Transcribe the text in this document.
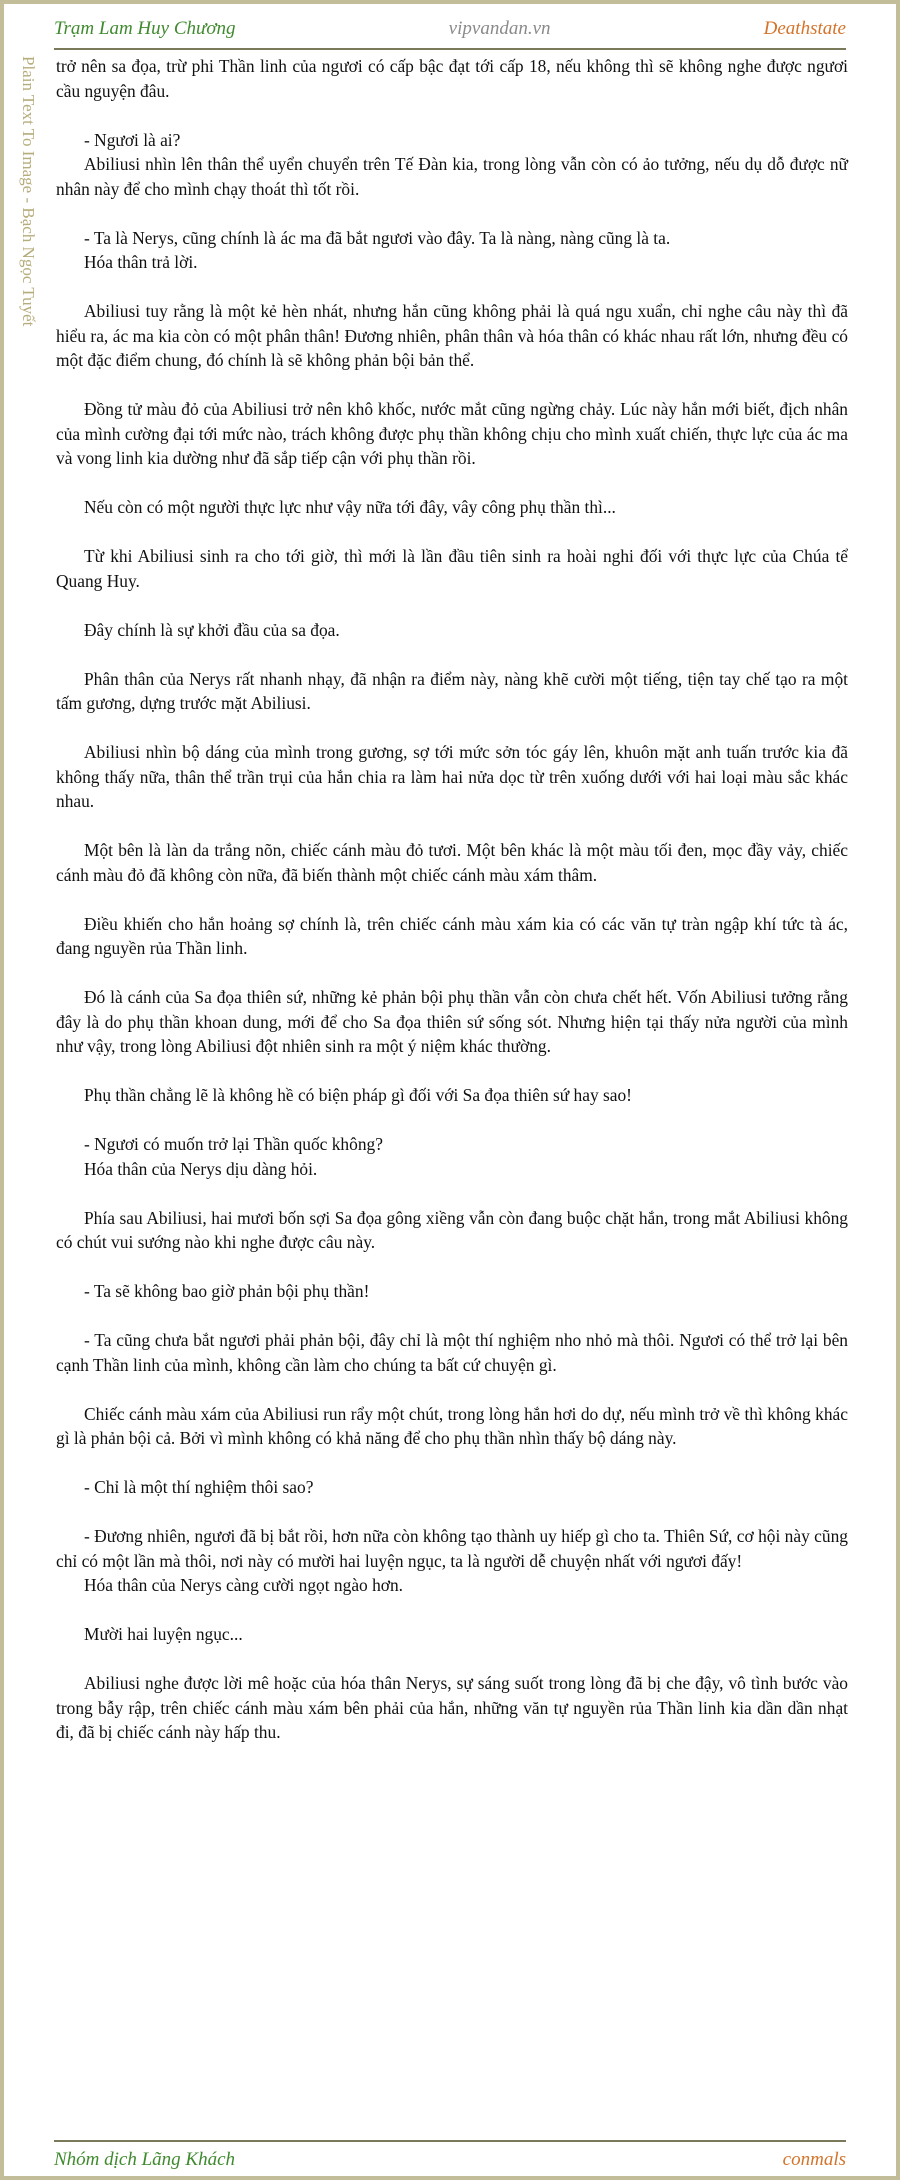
Trạm Lam Huy Chương	vipvandan.vn	Deathstate
Plain Text To Image - Bạch Ngọc Tuyết trở nên sa đọa, trừ phi Thần linh của ngươi có cấp bậc đạt tới cấp 18, nếu không thì sẽ không nghe được ngươi cầu nguyện đâu.

- Ngươi là ai?
Abiliusi nhìn lên thân thể uyển chuyển trên Tế Đàn kia, trong lòng vẫn còn có ảo tưởng, nếu dụ dỗ được nữ nhân này để cho mình chạy thoát thì tốt rồi.

- Ta là Nerys, cũng chính là ác ma đã bắt ngươi vào đây. Ta là nàng, nàng cũng là ta.
Hóa thân trả lời.

Abiliusi tuy rằng là một kẻ hèn nhát, nhưng hắn cũng không phải là quá ngu xuẩn, chỉ nghe câu này thì đã hiểu ra, ác ma kia còn có một phân thân! Đương nhiên, phân thân và hóa thân có khác nhau rất lớn, nhưng đều có một đặc điểm chung, đó chính là sẽ không phản bội bản thể.

Đồng tử màu đỏ của Abiliusi trở nên khô khốc, nước mắt cũng ngừng chảy. Lúc này hắn mới biết, địch nhân của mình cường đại tới mức nào, trách không được phụ thần không chịu cho mình xuất chiến, thực lực của ác ma và vong linh kia dường như đã sắp tiếp cận với phụ thần rồi.

Nếu còn có một người thực lực như vậy nữa tới đây, vây công phụ thần thì...

Từ khi Abiliusi sinh ra cho tới giờ, thì mới là lần đầu tiên sinh ra hoài nghi đối với thực lực của Chúa tể Quang Huy.

Đây chính là sự khởi đầu của sa đọa.

Phân thân của Nerys rất nhanh nhạy, đã nhận ra điểm này, nàng khẽ cười một tiếng, tiện tay chế tạo ra một tấm gương, dựng trước mặt Abiliusi.

Abiliusi nhìn bộ dáng của mình trong gương, sợ tới mức sởn tóc gáy lên, khuôn mặt anh tuấn trước kia đã không thấy nữa, thân thể trần trụi của hắn chia ra làm hai nửa dọc từ trên xuống dưới với hai loại màu sắc khác nhau.

Một bên là làn da trắng nõn, chiếc cánh màu đỏ tươi. Một bên khác là một màu tối đen, mọc đầy vảy, chiếc cánh màu đỏ đã không còn nữa, đã biến thành một chiếc cánh màu xám thâm.

Điều khiến cho hắn hoảng sợ chính là, trên chiếc cánh màu xám kia có các văn tự tràn ngập khí tức tà ác, đang nguyền rủa Thần linh.

Đó là cánh của Sa đọa thiên sứ, những kẻ phản bội phụ thần vẫn còn chưa chết hết. Vốn Abiliusi tưởng rằng đây là do phụ thần khoan dung, mới để cho Sa đọa thiên sứ sống sót. Nhưng hiện tại thấy nửa người của mình như vậy, trong lòng Abiliusi đột nhiên sinh ra một ý niệm khác thường.

Phụ thần chẳng lẽ là không hề có biện pháp gì đối với Sa đọa thiên sứ hay sao!

- Ngươi có muốn trở lại Thần quốc không?
Hóa thân của Nerys dịu dàng hỏi.

Phía sau Abiliusi, hai mươi bốn sợi Sa đọa gông xiềng vẫn còn đang buộc chặt hắn, trong mắt Abiliusi không có chút vui sướng nào khi nghe được câu này.

- Ta sẽ không bao giờ phản bội phụ thần!

- Ta cũng chưa bắt ngươi phải phản bội, đây chỉ là một thí nghiệm nho nhỏ mà thôi. Ngươi có thể trở lại bên cạnh Thần linh của mình, không cần làm cho chúng ta bất cứ chuyện gì.

Chiếc cánh màu xám của Abiliusi run rẩy một chút, trong lòng hắn hơi do dự, nếu mình trở về thì không khác gì là phản bội cả. Bởi vì mình không có khả năng để cho phụ thần nhìn thấy bộ dáng này.

- Chỉ là một thí nghiệm thôi sao?

- Đương nhiên, ngươi đã bị bắt rồi, hơn nữa còn không tạo thành uy hiếp gì cho ta. Thiên Sứ, cơ hội này cũng chỉ có một lần mà thôi, nơi này có mười hai luyện ngục, ta là người dễ chuyện nhất với ngươi đấy!
Hóa thân của Nerys càng cười ngọt ngào hơn.

Mười hai luyện ngục...

Abiliusi nghe được lời mê hoặc của hóa thân Nerys, sự sáng suốt trong lòng đã bị che đậy, vô tình bước vào trong bẫy rập, trên chiếc cánh màu xám bên phải của hắn, những văn tự nguyền rủa Thần linh kia dần dần nhạt đi, đã bị chiếc cánh này hấp thu.

Nhóm dịch Lãng Khách	conmals
